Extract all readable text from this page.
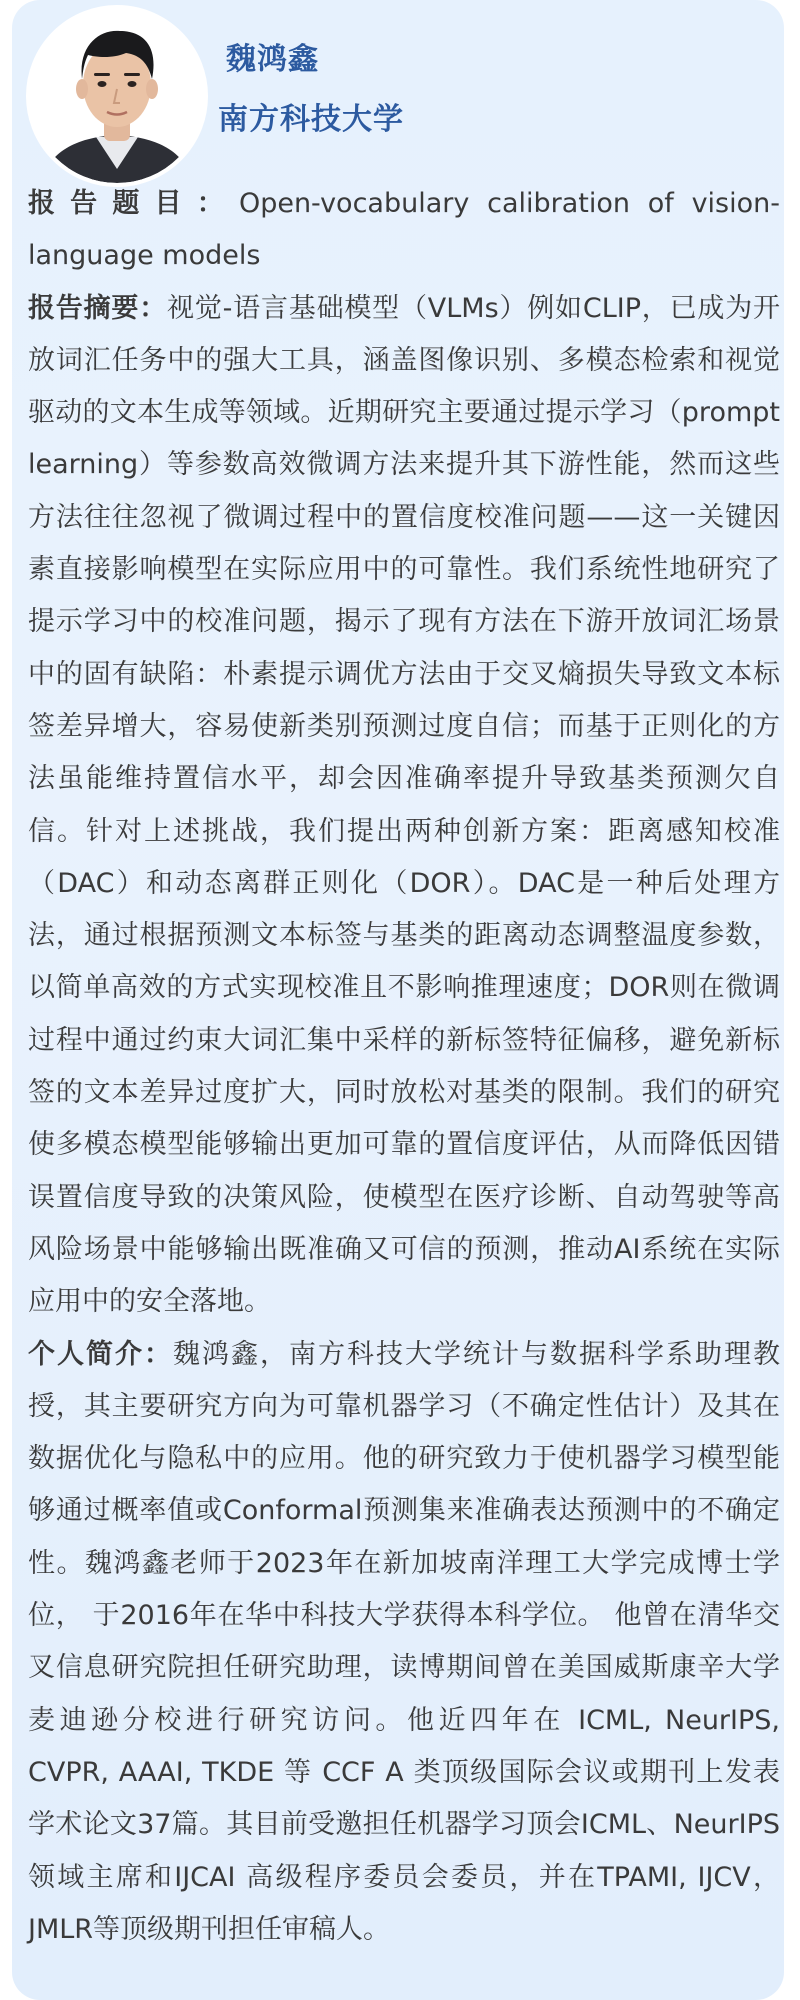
魏鸿鑫
南方科技大学

报告题目：Open-vocabulary calibration of vision-language models

报告摘要：视觉-语言基础模型（VLMs）例如CLIP，已成为开放词汇任务中的强大工具，涵盖图像识别、多模态检索和视觉驱动的文本生成等领域。近期研究主要通过提示学习（prompt learning）等参数高效微调方法来提升其下游性能，然而这些方法往往忽视了微调过程中的置信度校准问题——这一关键因素直接影响模型在实际应用中的可靠性。我们系统性地研究了提示学习中的校准问题，揭示了现有方法在下游开放词汇场景中的固有缺陷：朴素提示调优方法由于交叉熵损失导致文本标签差异增大，容易使新类别预测过度自信；而基于正则化的方法虽能维持置信水平，却会因准确率提升导致基类预测欠自信。针对上述挑战，我们提出两种创新方案：距离感知校准（DAC）和动态离群正则化（DOR）。DAC是一种后处理方法，通过根据预测文本标签与基类的距离动态调整温度参数，以简单高效的方式实现校准且不影响推理速度；DOR则在微调过程中通过约束大词汇集中采样的新标签特征偏移，避免新标签的文本差异过度扩大，同时放松对基类的限制。我们的研究使多模态模型能够输出更加可靠的置信度评估，从而降低因错误置信度导致的决策风险，使模型在医疗诊断、自动驾驶等高风险场景中能够输出既准确又可信的预测，推动AI系统在实际应用中的安全落地。

个人简介：魏鸿鑫，南方科技大学统计与数据科学系助理教授，其主要研究方向为可靠机器学习（不确定性估计）及其在数据优化与隐私中的应用。他的研究致力于使机器学习模型能够通过概率值或Conformal预测集来准确表达预测中的不确定性。魏鸿鑫老师于2023年在新加坡南洋理工大学完成博士学位， 于2016年在华中科技大学获得本科学位。 他曾在清华交叉信息研究院担任研究助理，读博期间曾在美国威斯康辛大学麦迪逊分校进行研究访问。他近四年在 ICML, NeurIPS, CVPR, AAAI, TKDE 等 CCF A 类顶级国际会议或期刊上发表学术论文37篇。其目前受邀担任机器学习顶会ICML、NeurIPS 领域主席和IJCAI 高级程序委员会委员，并在TPAMI, IJCV，JMLR等顶级期刊担任审稿人。
